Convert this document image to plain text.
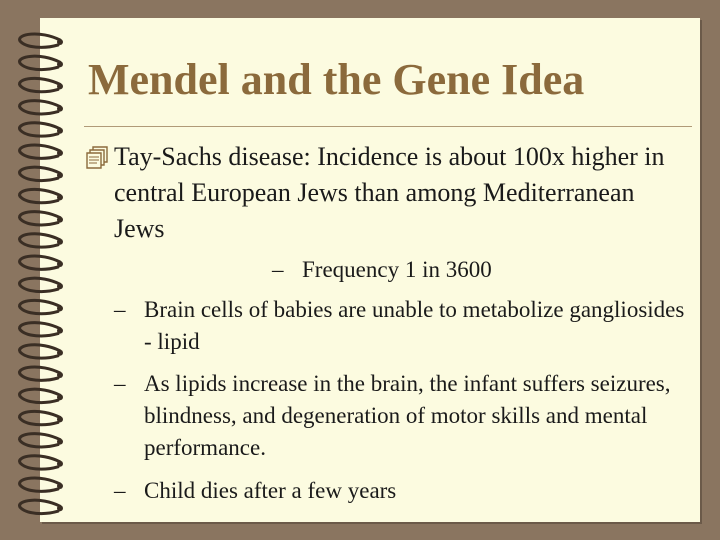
Mendel and the Gene Idea
Tay-Sachs disease: Incidence is about 100x higher in central European Jews than among Mediterranean Jews
– Frequency 1 in 3600
– Brain cells of babies are unable to metabolize gangliosides - lipid
– As lipids increase in the brain, the infant suffers seizures, blindness, and degeneration of motor skills and mental performance.
– Child dies after a few years
